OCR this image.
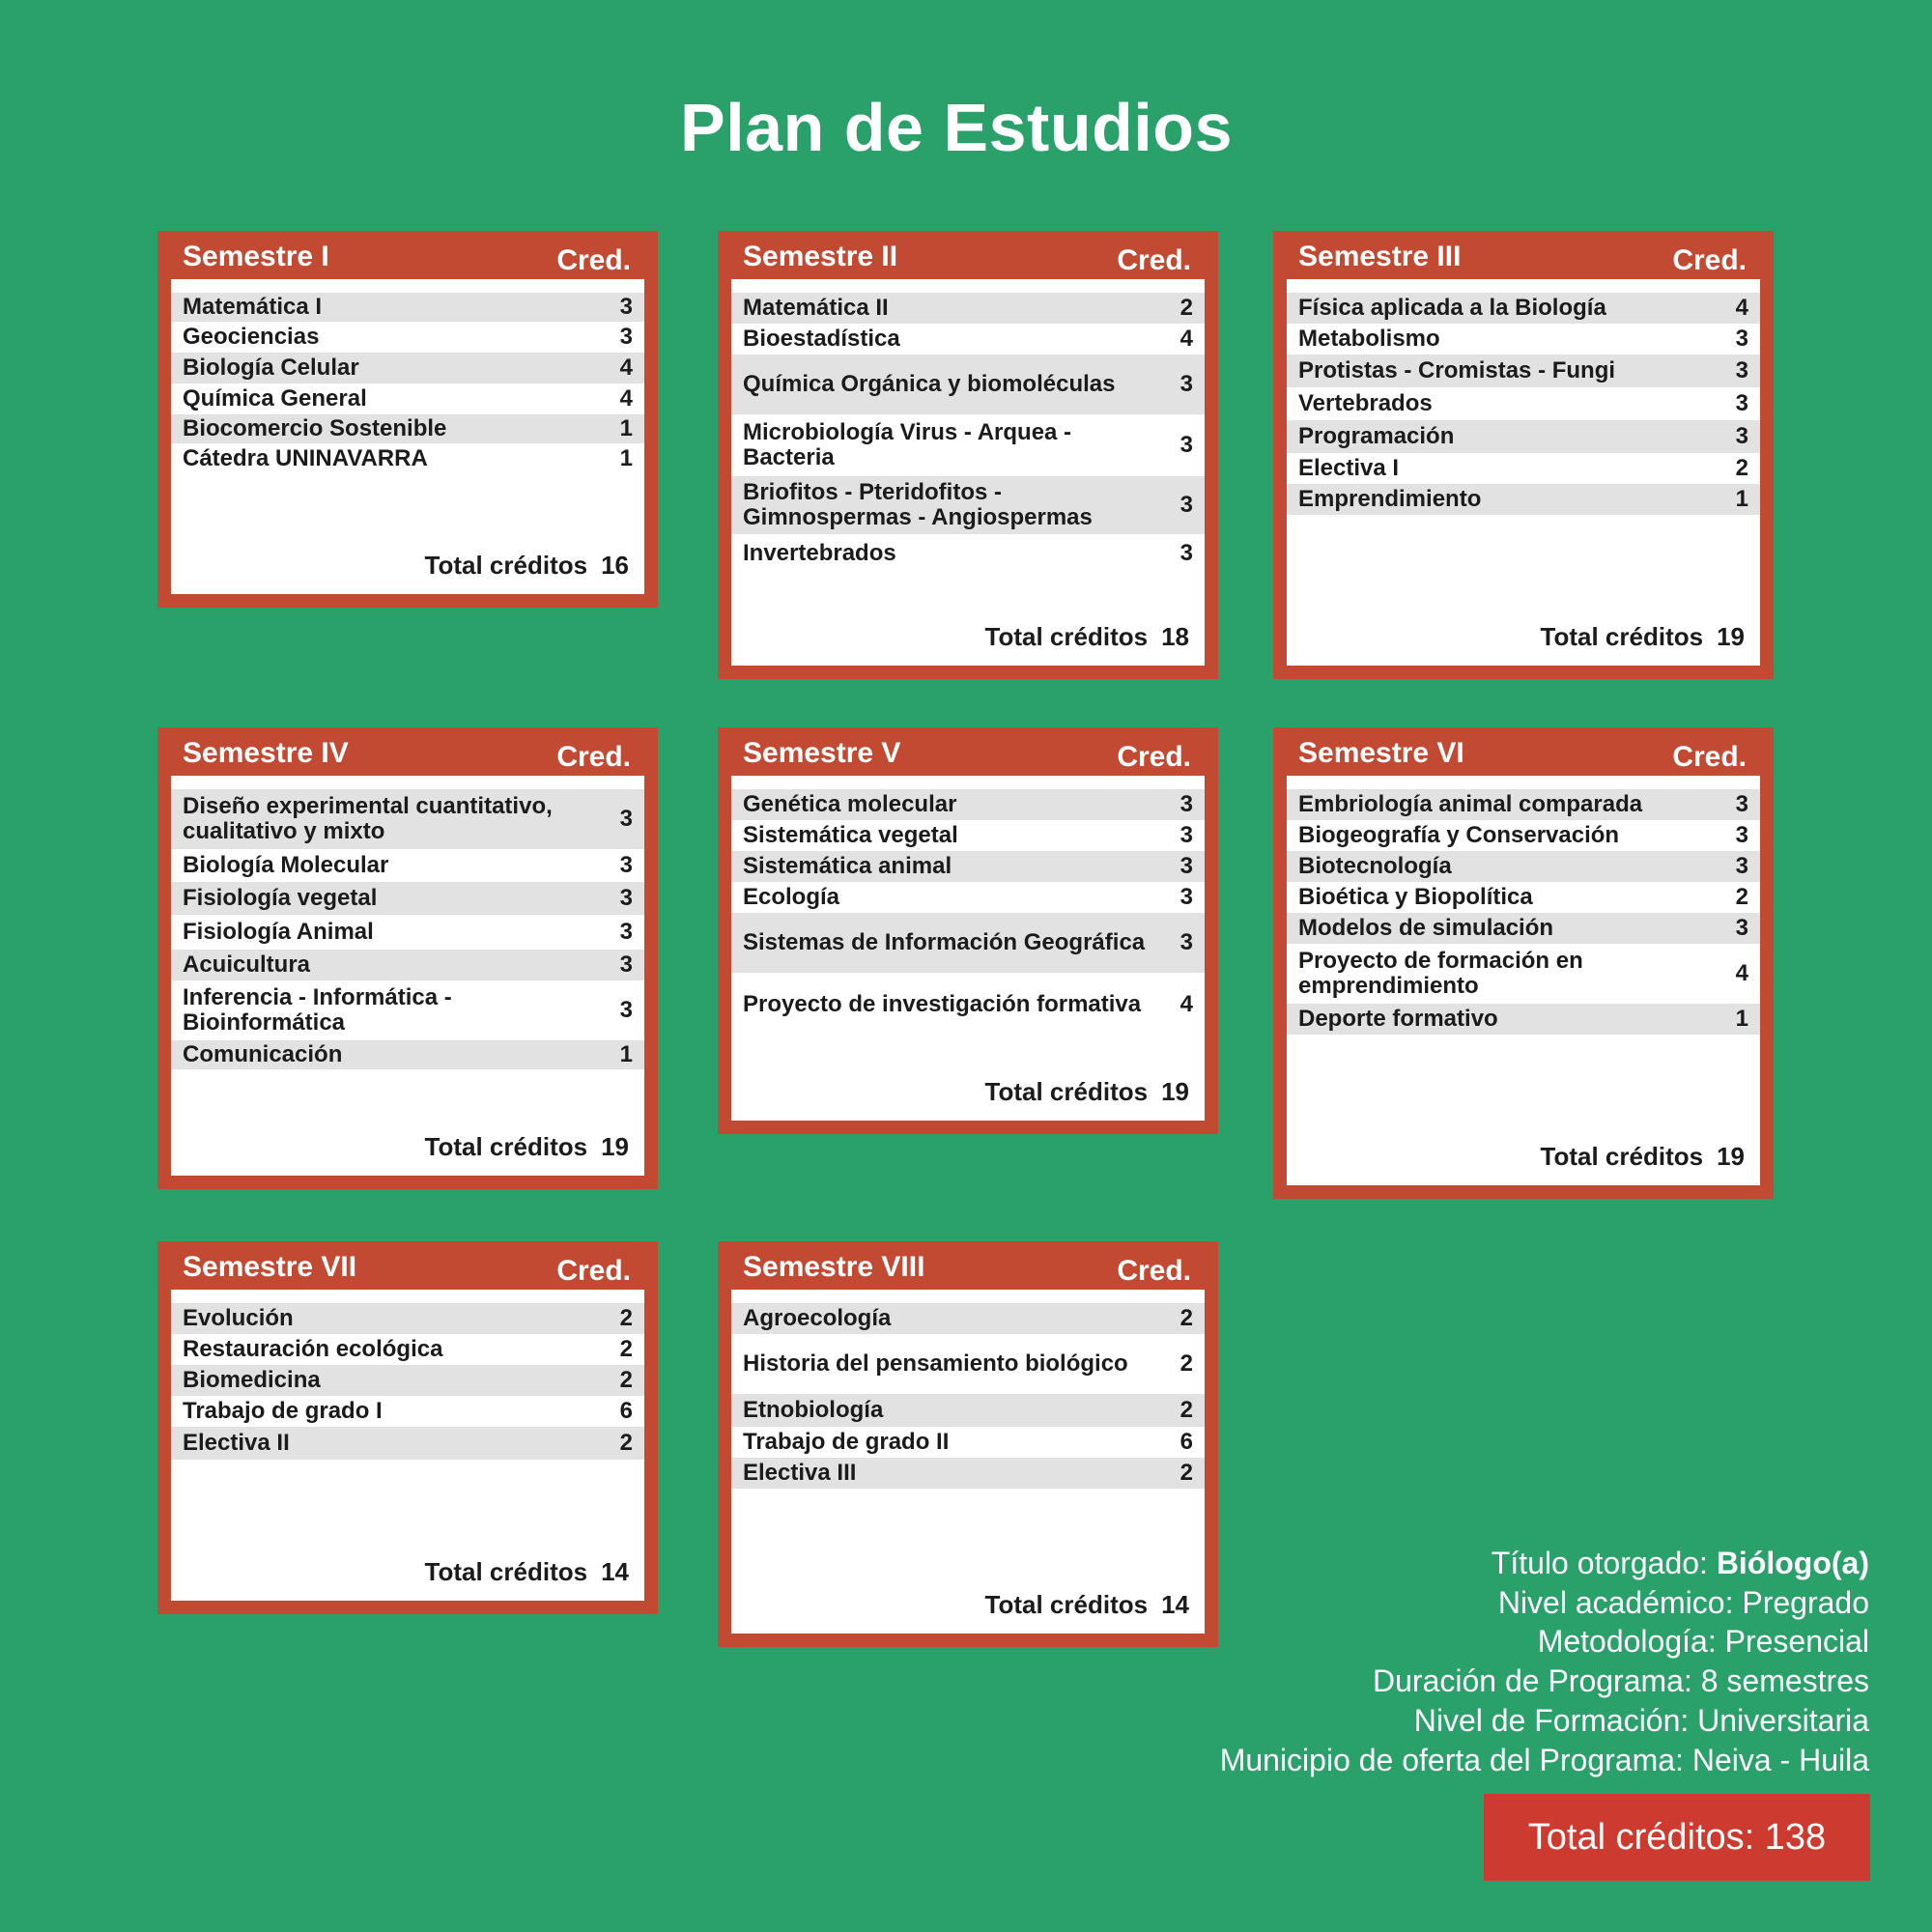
Plan de Estudios
Semestre I	Cred.
Matemática I	3
Geociencias	3
Biología Celular	4
Química General	4
Biocomercio Sostenible	1
Cátedra UNINAVARRA	1
Total créditos 16
Semestre II	Cred.
Matemática II	2
Bioestadística	4
Química Orgánica y biomoléculas	3
Microbiología Virus - Arquea - Bacteria	3
Briofitos - Pteridofitos - Gimnospermas - Angiospermas	3
Invertebrados	3
Total créditos 18
Semestre III	Cred.
Física aplicada a la Biología	4
Metabolismo	3
Protistas - Cromistas - Fungi	3
Vertebrados	3
Programación	3
Electiva I	2
Emprendimiento	1
Total créditos 19
Semestre IV	Cred.
Diseño experimental cuantitativo, cualitativo y mixto	3
Biología Molecular	3
Fisiología vegetal	3
Fisiología Animal	3
Acuicultura	3
Inferencia - Informática - Bioinformática	3
Comunicación	1
Total créditos 19
Semestre V	Cred.
Genética molecular	3
Sistemática vegetal	3
Sistemática animal	3
Ecología	3
Sistemas de Información Geográfica	3
Proyecto de investigación formativa	4
Total créditos 19
Semestre VI	Cred.
Embriología animal comparada	3
Biogeografía y Conservación	3
Biotecnología	3
Bioética y Biopolítica	2
Modelos de simulación	3
Proyecto de formación en emprendimiento	4
Deporte formativo	1
Total créditos 19
Semestre VII	Cred.
Evolución	2
Restauración ecológica	2
Biomedicina	2
Trabajo de grado I	6
Electiva II	2
Total créditos 14
Semestre VIII	Cred.
Agroecología	2
Historia del pensamiento biológico	2
Etnobiología	2
Trabajo de grado II	6
Electiva III	2
Total créditos 14
Título otorgado: Biólogo(a)
Nivel académico: Pregrado
Metodología: Presencial
Duración de Programa: 8 semestres
Nivel de Formación: Universitaria
Municipio de oferta del Programa: Neiva - Huila
Total créditos: 138
